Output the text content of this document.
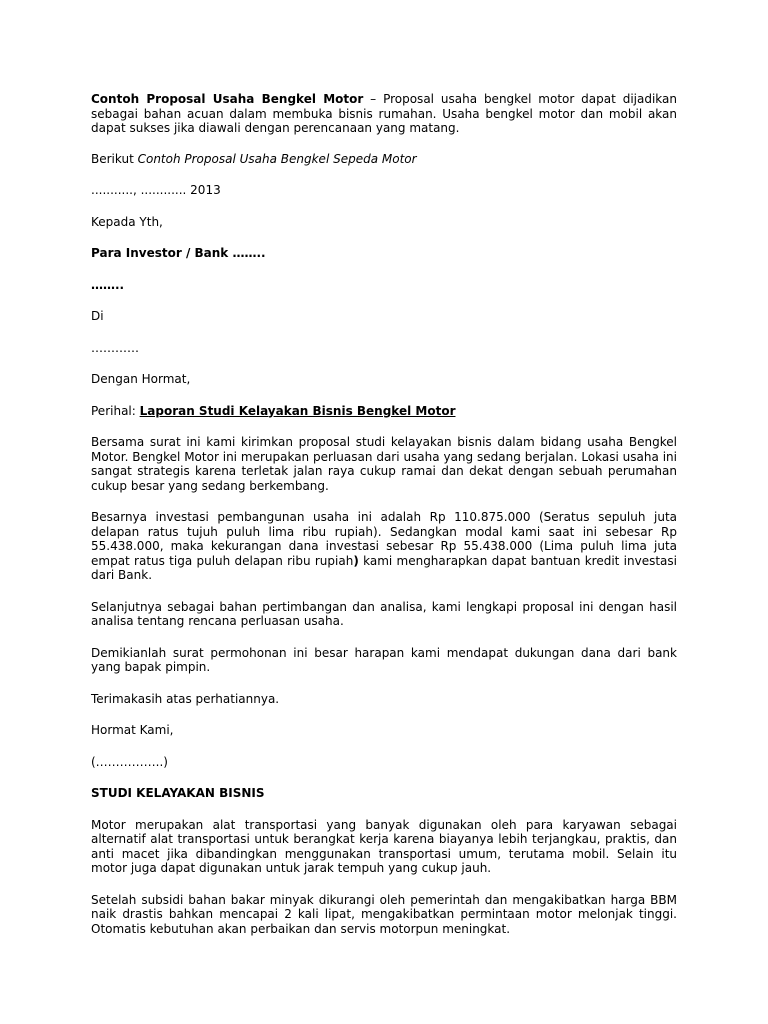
Contoh Proposal Usaha Bengkel Motor – Proposal usaha bengkel motor dapat dijadikan sebagai bahan acuan dalam membuka bisnis rumahan. Usaha bengkel motor dan mobil akan dapat sukses jika diawali dengan perencanaan yang matang.

Berikut Contoh Proposal Usaha Bengkel Sepeda Motor

..........., ............ 2013

Kepada Yth,

Para Investor / Bank ……..

……..

Di

…………

Dengan Hormat,

Perihal: Laporan Studi Kelayakan Bisnis Bengkel Motor

Bersama surat ini kami kirimkan proposal studi kelayakan bisnis dalam bidang usaha Bengkel Motor. Bengkel Motor ini merupakan perluasan dari usaha yang sedang berjalan. Lokasi usaha ini sangat strategis karena terletak jalan raya cukup ramai dan dekat dengan sebuah perumahan cukup besar yang sedang berkembang.

Besarnya investasi pembangunan usaha ini adalah Rp 110.875.000 (Seratus sepuluh juta delapan ratus tujuh puluh lima ribu rupiah). Sedangkan modal kami saat ini sebesar Rp 55.438.000, maka kekurangan dana investasi sebesar Rp 55.438.000 (Lima puluh lima juta empat ratus tiga puluh delapan ribu rupiah) kami mengharapkan dapat bantuan kredit investasi dari Bank.

Selanjutnya sebagai bahan pertimbangan dan analisa, kami lengkapi proposal ini dengan hasil analisa tentang rencana perluasan usaha.

Demikianlah surat permohonan ini besar harapan kami mendapat dukungan dana dari bank yang bapak pimpin.

Terimakasih atas perhatiannya.

Hormat Kami,

(……………..)

STUDI KELAYAKAN BISNIS

Motor merupakan alat transportasi yang banyak digunakan oleh para karyawan sebagai alternatif alat transportasi untuk berangkat kerja karena biayanya lebih terjangkau, praktis, dan anti macet jika dibandingkan menggunakan transportasi umum, terutama mobil. Selain itu motor juga dapat digunakan untuk jarak tempuh yang cukup jauh.

Setelah subsidi bahan bakar minyak dikurangi oleh pemerintah dan mengakibatkan harga BBM naik drastis bahkan mencapai 2 kali lipat, mengakibatkan permintaan motor melonjak tinggi. Otomatis kebutuhan akan perbaikan dan servis motorpun meningkat.
